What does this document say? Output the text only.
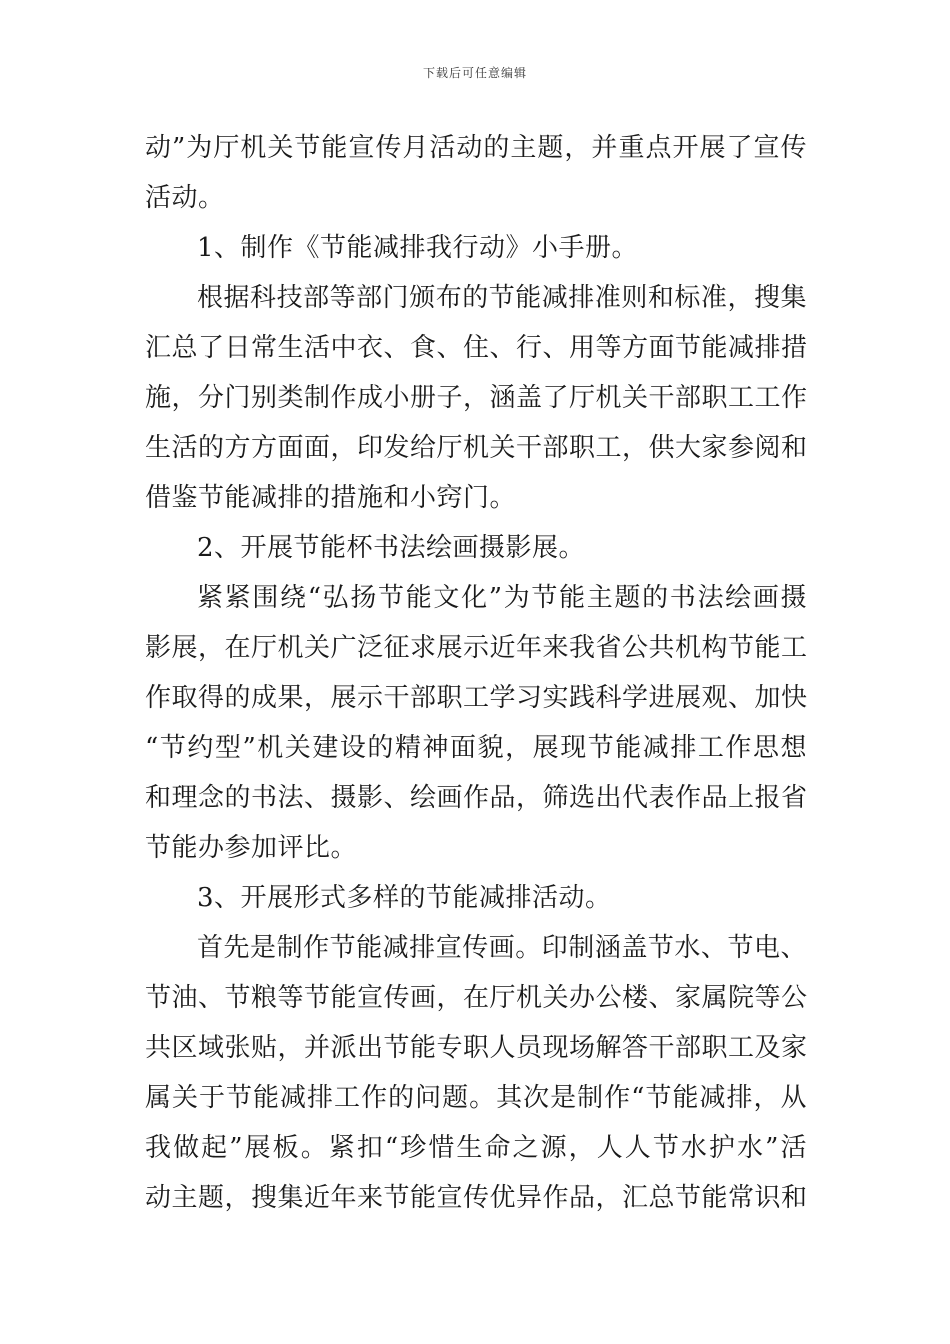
下载后可任意编辑
动”为厅机关节能宣传月活动的主题，并重点开展了宣传
活动。
1、制作《节能减排我行动》小手册。
根据科技部等部门颁布的节能减排准则和标准，搜集
汇总了日常生活中衣、食、住、行、用等方面节能减排措
施，分门别类制作成小册子，涵盖了厅机关干部职工工作
生活的方方面面，印发给厅机关干部职工，供大家参阅和
借鉴节能减排的措施和小窍门。
2、开展节能杯书法绘画摄影展。
紧紧围绕“弘扬节能文化”为节能主题的书法绘画摄
影展，在厅机关广泛征求展示近年来我省公共机构节能工
作取得的成果，展示干部职工学习实践科学进展观、加快
“节约型”机关建设的精神面貌，展现节能减排工作思想
和理念的书法、摄影、绘画作品，筛选出代表作品上报省
节能办参加评比。
3、开展形式多样的节能减排活动。
首先是制作节能减排宣传画。印制涵盖节水、节电、
节油、节粮等节能宣传画，在厅机关办公楼、家属院等公
共区域张贴，并派出节能专职人员现场解答干部职工及家
属关于节能减排工作的问题。其次是制作“节能减排，从
我做起”展板。紧扣“珍惜生命之源，人人节水护水”活
动主题，搜集近年来节能宣传优异作品，汇总节能常识和
